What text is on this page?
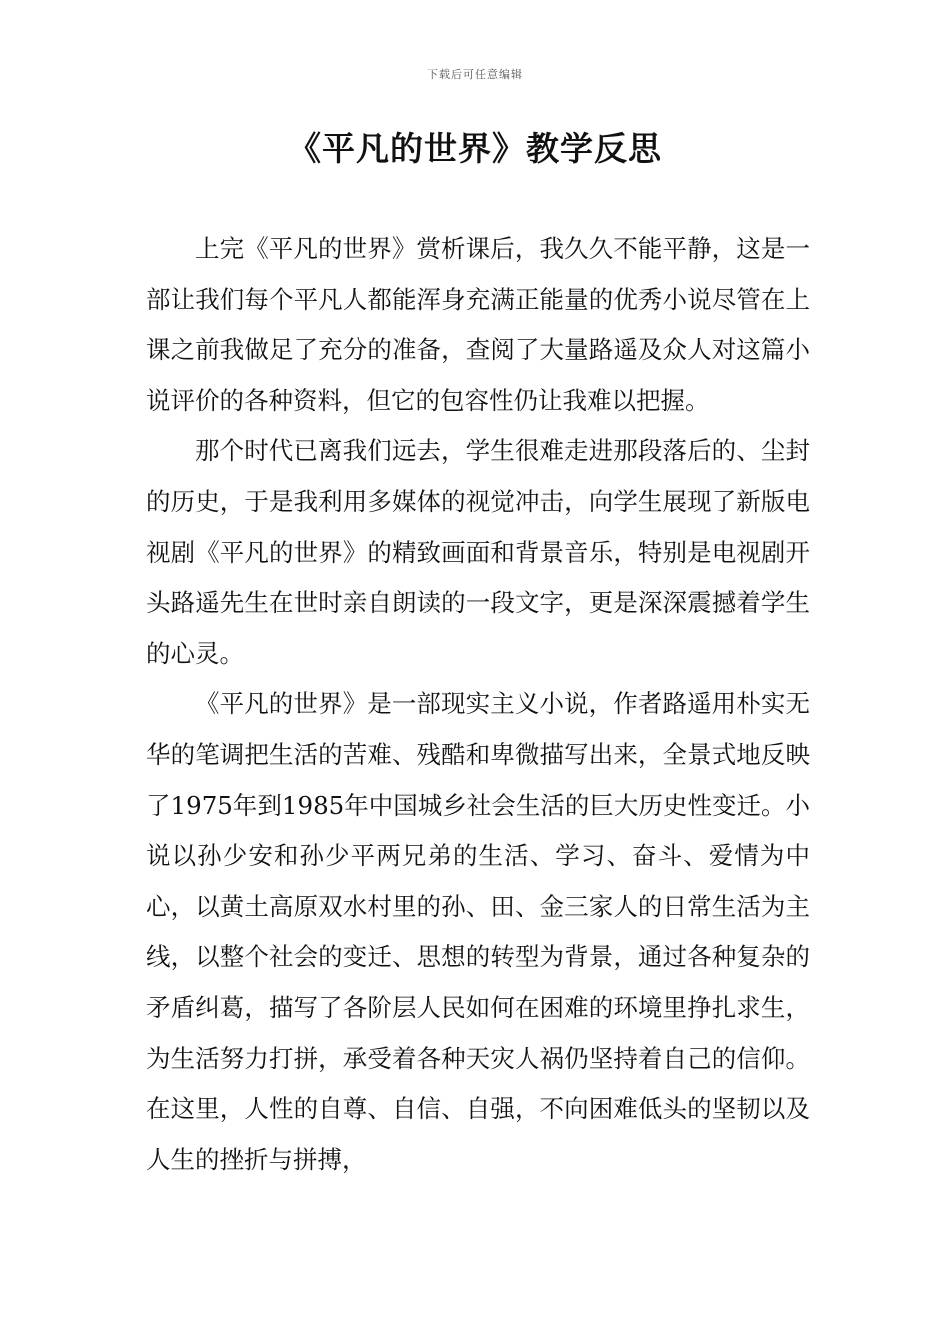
下载后可任意编辑
《平凡的世界》教学反思

上完《平凡的世界》赏析课后，我久久不能平静，这是一部让我们每个平凡人都能浑身充满正能量的优秀小说尽管在上课之前我做足了充分的准备，查阅了大量路遥及众人对这篇小说评价的各种资料，但它的包容性仍让我难以把握。

那个时代已离我们远去，学生很难走进那段落后的、尘封的历史，于是我利用多媒体的视觉冲击，向学生展现了新版电视剧《平凡的世界》的精致画面和背景音乐，特别是电视剧开头路遥先生在世时亲自朗读的一段文字，更是深深震撼着学生的心灵。

《平凡的世界》是一部现实主义小说，作者路遥用朴实无华的笔调把生活的苦难、残酷和卑微描写出来，全景式地反映了1975年到1985年中国城乡社会生活的巨大历史性变迁。小说以孙少安和孙少平两兄弟的生活、学习、奋斗、爱情为中心，以黄土高原双水村里的孙、田、金三家人的日常生活为主线，以整个社会的变迁、思想的转型为背景，通过各种复杂的矛盾纠葛，描写了各阶层人民如何在困难的环境里挣扎求生，为生活努力打拼，承受着各种天灾人祸仍坚持着自己的信仰。在这里，人性的自尊、自信、自强，不向困难低头的坚韧以及人生的挫折与拼搏，
